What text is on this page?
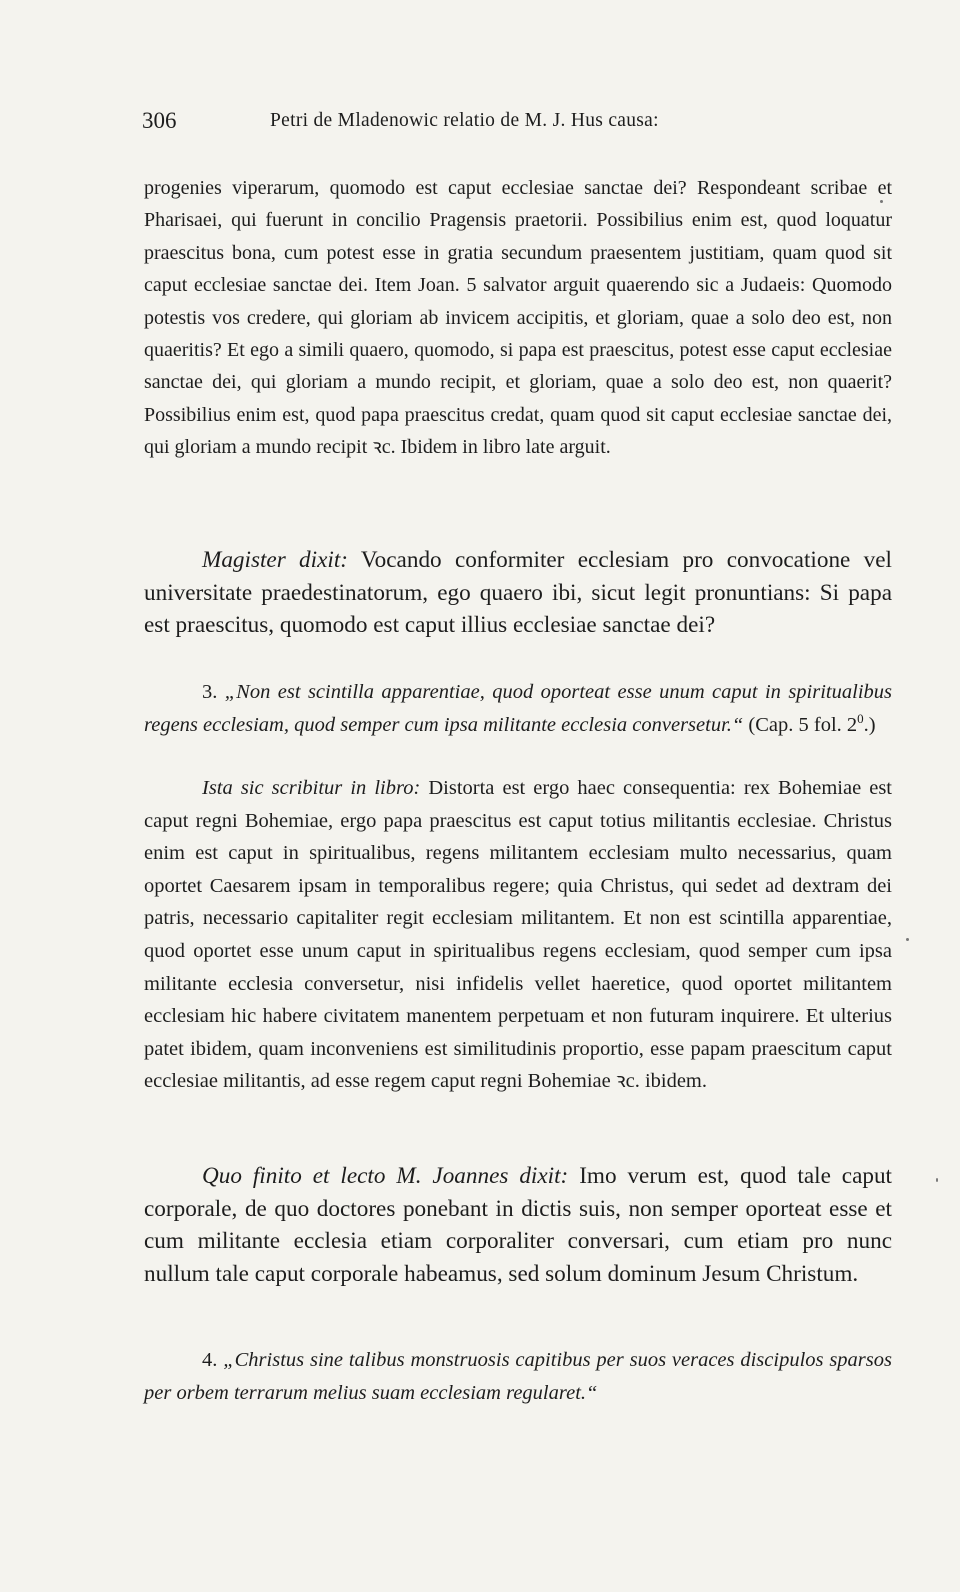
306	Petri de Mladenowic relatio de M. J. Hus causa:

progenies viperarum, quomodo est caput ecclesiae sanctae dei? Respondeant scribae et Pharisaei, qui fuerunt in concilio Pragensis praetorii. Possibilius enim est, quod loquatur praescitus bona, cum potest esse in gratia secundum praesentem justitiam, quam quod sit caput ecclesiae sanctae dei. Item Joan. 5 salvator arguit quaerendo sic a Judaeis: Quomodo potestis vos credere, qui gloriam ab invicem accipitis, et gloriam, quae a solo deo est, non quaeritis? Et ego a simili quaero, quomodo, si papa est praescitus, potest esse caput ecclesiae sanctae dei, qui gloriam a mundo recipit, et gloriam, quae a solo deo est, non quaerit? Possibilius enim est, quod papa praescitus credat, quam quod sit caput ecclesiae sanctae dei, qui gloriam a mundo recipit ꝛc. Ibidem in libro late arguit.

Magister dixit: Vocando conformiter ecclesiam pro convocatione vel universitate praedestinatorum, ego quaero ibi, sicut legit pronuntians: Si papa est praescitus, quomodo est caput illius ecclesiae sanctae dei?

3. „Non est scintilla apparentiae, quod oporteat esse unum caput in spiritualibus regens ecclesiam, quod semper cum ipsa militante ecclesia conversetur.“ (Cap. 5 fol. $2^0$.)

Ista sic scribitur in libro: Distorta est ergo haec consequentia: rex Bohemiae est caput regni Bohemiae, ergo papa praescitus est caput totius militantis ecclesiae. Christus enim est caput in spiritualibus, regens militantem ecclesiam multo necessarius, quam oportet Caesarem ipsam in temporalibus regere; quia Christus, qui sedet ad dextram dei patris, necessario capitaliter regit ecclesiam militantem. Et non est scintilla apparentiae, quod oportet esse unum caput in spiritualibus regens ecclesiam, quod semper cum ipsa militante ecclesia conversetur, nisi infidelis vellet haeretice, quod oportet militantem ecclesiam hic habere civitatem manentem perpetuam et non futuram inquirere. Et ulterius patet ibidem, quam inconveniens est similitudinis proportio, esse papam praescitum caput ecclesiae militantis, ad esse regem caput regni Bohemiae ꝛc. ibidem.

Quo finito et lecto M. Joannes dixit: Imo verum est, quod tale caput corporale, de quo doctores ponebant in dictis suis, non semper oporteat esse et cum militante ecclesia etiam corporaliter conversari, cum etiam pro nunc nullum tale caput corporale habeamus, sed solum dominum Jesum Christum.

4. „Christus sine talibus monstruosis capitibus per suos veraces discipulos sparsos per orbem terrarum melius suam ecclesiam regularet.“
